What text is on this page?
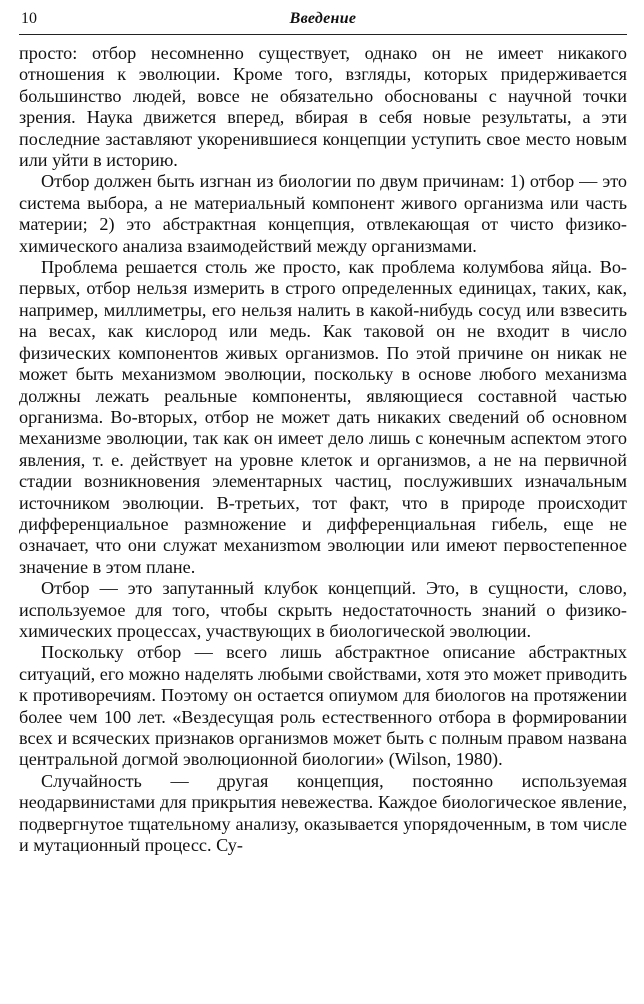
10	Введение

просто: отбор несомненно существует, однако он не имеет никакого отношения к эволюции. Кроме того, взгляды, которых придерживается большинство людей, вовсе не обязательно обоснованы с научной точки зрения. Наука движется вперед, вбирая в себя новые результаты, а эти последние заставляют укоренившиеся концепции уступить свое место новым или уйти в историю.

Отбор должен быть изгнан из биологии по двум причинам: 1) отбор — это система выбора, а не материальный компонент живого организма или часть материи; 2) это абстрактная концепция, отвлекающая от чисто физико-химического анализа взаимодействий между организмами.

Проблема решается столь же просто, как проблема колумбова яйца. Во-первых, отбор нельзя измерить в строго определенных единицах, таких, как, например, миллиметры, его нельзя налить в какой-нибудь сосуд или взвесить на весах, как кислород или медь. Как таковой он не входит в число физических компонентов живых организмов. По этой причине он никак не может быть механизмом эволюции, поскольку в основе любого механизма должны лежать реальные компоненты, являющиеся составной частью организма. Во-вторых, отбор не может дать никаких сведений об основном механизме эволюции, так как он имеет дело лишь с конечным аспектом этого явления, т. е. действует на уровне клеток и организмов, а не на первичной стадии возникновения элементарных частиц, послуживших изначальным источником эволюции. В-третьих, тот факт, что в природе происходит дифференциальное размножение и дифференциальная гибель, еще не означает, что они служат механизmом эволюции или имеют первостепенное значение в этом плане.

Отбор — это запутанный клубок концепций. Это, в сущности, слово, используемое для того, чтобы скрыть недостаточность знаний о физико-химических процессах, участвующих в биологической эволюции.

Поскольку отбор — всего лишь абстрактное описание абстрактных ситуаций, его можно наделять любыми свойствами, хотя это может приводить к противоречиям. Поэтому он остается опиумом для биологов на протяжении более чем 100 лет. «Вездесущая роль естественного отбора в формировании всех и всяческих признаков организмов может быть с полным правом названа центральной догмой эволюционной биологии» (Wilson, 1980).

Случайность — другая концепция, постоянно используемая неодарвинистами для прикрытия невежества. Каждое биологическое явление, подвергнутое тщательному анализу, оказывается упорядоченным, в том числе и мутационный процесс. Су-
